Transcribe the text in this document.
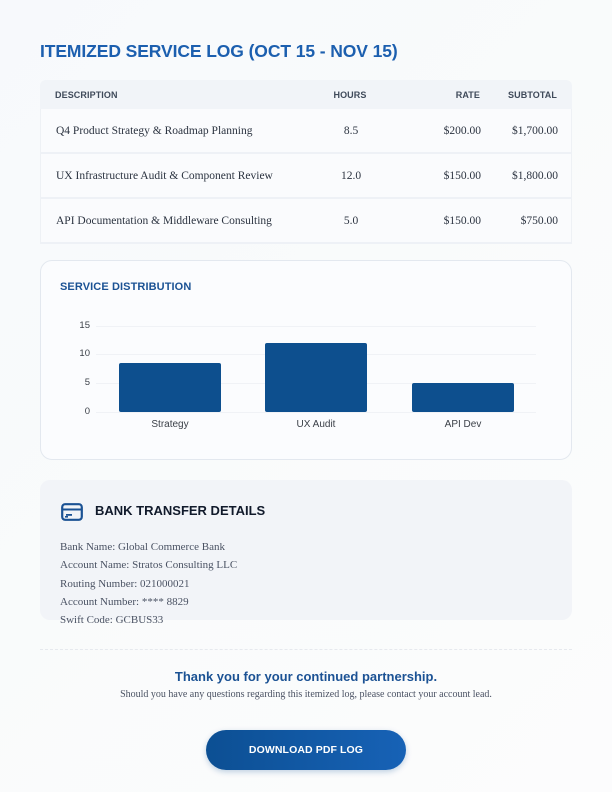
ITEMIZED SERVICE LOG (OCT 15 - NOV 15)
DESCRIPTION	HOURS	RATE	SUBTOTAL
Q4 Product Strategy & Roadmap Planning	8.5	$200.00	$1,700.00
UX Infrastructure Audit & Component Review	12.0	$150.00	$1,800.00
API Documentation & Middleware Consulting	5.0	$150.00	$750.00
SERVICE DISTRIBUTION
15
10
5
0
Strategy	UX Audit	API Dev
BANK TRANSFER DETAILS
Bank Name: Global Commerce Bank
Account Name: Stratos Consulting LLC
Routing Number: 021000021
Account Number: **** 8829
Swift Code: GCBUS33
Thank you for your continued partnership.
Should you have any questions regarding this itemized log, please contact your account lead.
DOWNLOAD PDF LOG
